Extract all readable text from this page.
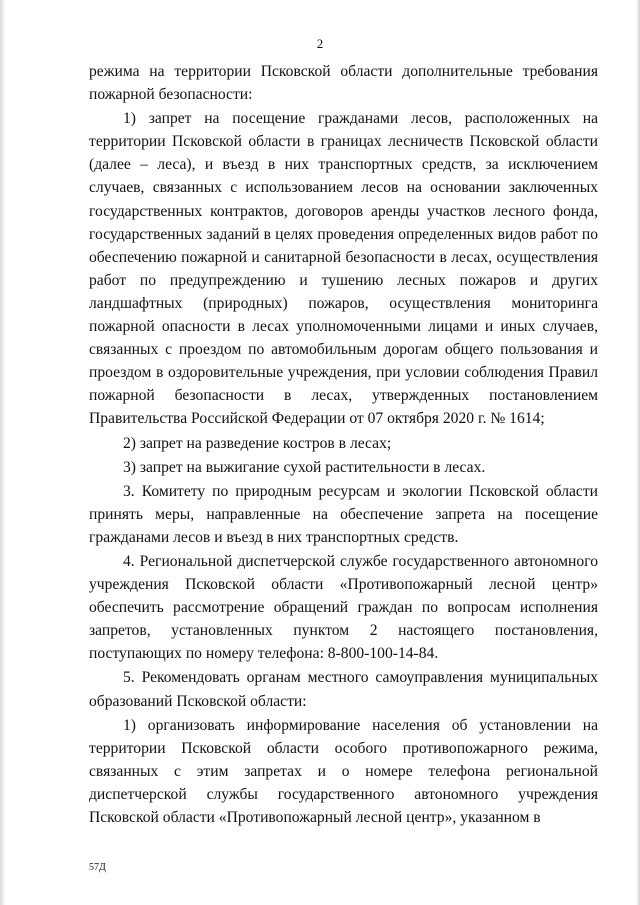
2

режима на территории Псковской области дополнительные требования пожарной безопасности:

1) запрет на посещение гражданами лесов, расположенных на территории Псковской области в границах лесничеств Псковской области (далее – леса), и въезд в них транспортных средств, за исключением случаев, связанных с использованием лесов на основании заключенных государственных контрактов, договоров аренды участков лесного фонда, государственных заданий в целях проведения определенных видов работ по обеспечению пожарной и санитарной безопасности в лесах, осуществления работ по предупреждению и тушению лесных пожаров и других ландшафтных (природных) пожаров, осуществления мониторинга пожарной опасности в лесах уполномоченными лицами и иных случаев, связанных с проездом по автомобильным дорогам общего пользования и проездом в оздоровительные учреждения, при условии соблюдения Правил пожарной безопасности в лесах, утвержденных постановлением Правительства Российской Федерации от 07 октября 2020 г. № 1614;

2) запрет на разведение костров в лесах;

3) запрет на выжигание сухой растительности в лесах.

3. Комитету по природным ресурсам и экологии Псковской области принять меры, направленные на обеспечение запрета на посещение гражданами лесов и въезд в них транспортных средств.

4. Региональной диспетчерской службе государственного автономного учреждения Псковской области «Противопожарный лесной центр» обеспечить рассмотрение обращений граждан по вопросам исполнения запретов, установленных пунктом 2 настоящего постановления, поступающих по номеру телефона: 8-800-100-14-84.

5. Рекомендовать органам местного самоуправления муниципальных образований Псковской области:

1) организовать информирование населения об установлении на территории Псковской области особого противопожарного режима, связанных с этим запретах и о номере телефона региональной диспетчерской службы государственного автономного учреждения Псковской области «Противопожарный лесной центр», указанном в

57Д
